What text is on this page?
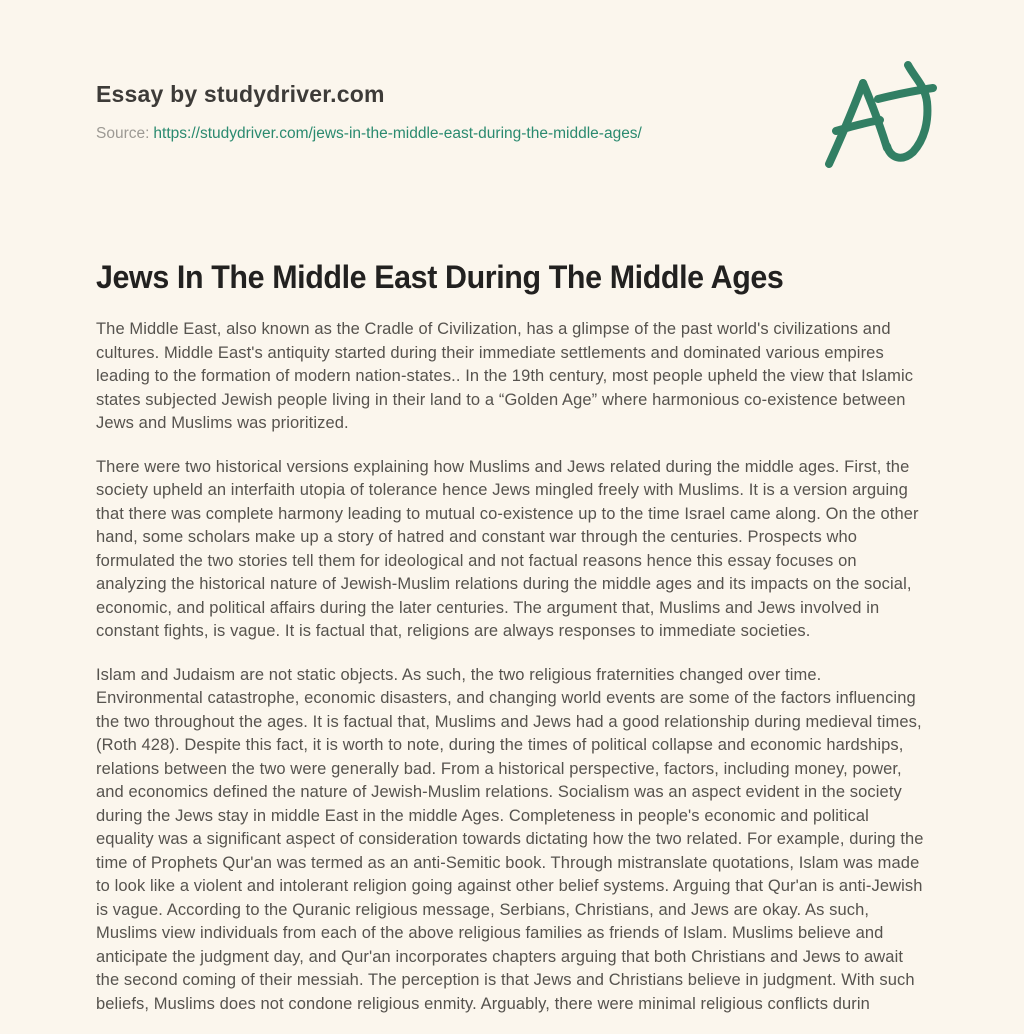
Essay by studydriver.com
Source: https://studydriver.com/jews-in-the-middle-east-during-the-middle-ages/
Jews In The Middle East During The Middle Ages

The Middle East, also known as the Cradle of Civilization, has a glimpse of the past world's civilizations and cultures. Middle East's antiquity started during their immediate settlements and dominated various empires leading to the formation of modern nation-states.. In the 19th century, most people upheld the view that Islamic states subjected Jewish people living in their land to a “Golden Age” where harmonious co-existence between Jews and Muslims was prioritized.

There were two historical versions explaining how Muslims and Jews related during the middle ages. First, the society upheld an interfaith utopia of tolerance hence Jews mingled freely with Muslims. It is a version arguing that there was complete harmony leading to mutual co-existence up to the time Israel came along. On the other hand, some scholars make up a story of hatred and constant war through the centuries. Prospects who formulated the two stories tell them for ideological and not factual reasons hence this essay focuses on analyzing the historical nature of Jewish-Muslim relations during the middle ages and its impacts on the social, economic, and political affairs during the later centuries. The argument that, Muslims and Jews involved in constant fights, is vague. It is factual that, religions are always responses to immediate societies.

Islam and Judaism are not static objects. As such, the two religious fraternities changed over time. Environmental catastrophe, economic disasters, and changing world events are some of the factors influencing the two throughout the ages. It is factual that, Muslims and Jews had a good relationship during medieval times, (Roth 428). Despite this fact, it is worth to note, during the times of political collapse and economic hardships, relations between the two were generally bad. From a historical perspective, factors, including money, power, and economics defined the nature of Jewish-Muslim relations. Socialism was an aspect evident in the society during the Jews stay in middle East in the middle Ages. Completeness in people's economic and political equality was a significant aspect of consideration towards dictating how the two related. For example, during the time of Prophets Qur'an was termed as an anti-Semitic book. Through mistranslate quotations, Islam was made to look like a violent and intolerant religion going against other belief systems. Arguing that Qur'an is anti-Jewish is vague. According to the Quranic religious message, Serbians, Christians, and Jews are okay. As such, Muslims view individuals from each of the above religious families as friends of Islam. Muslims believe and anticipate the judgment day, and Qur'an incorporates chapters arguing that both Christians and Jews to await the second coming of their messiah. The perception is that Jews and Christians believe in judgment. With such beliefs, Muslims does not condone religious enmity. Arguably, there were minimal religious conflicts durin
